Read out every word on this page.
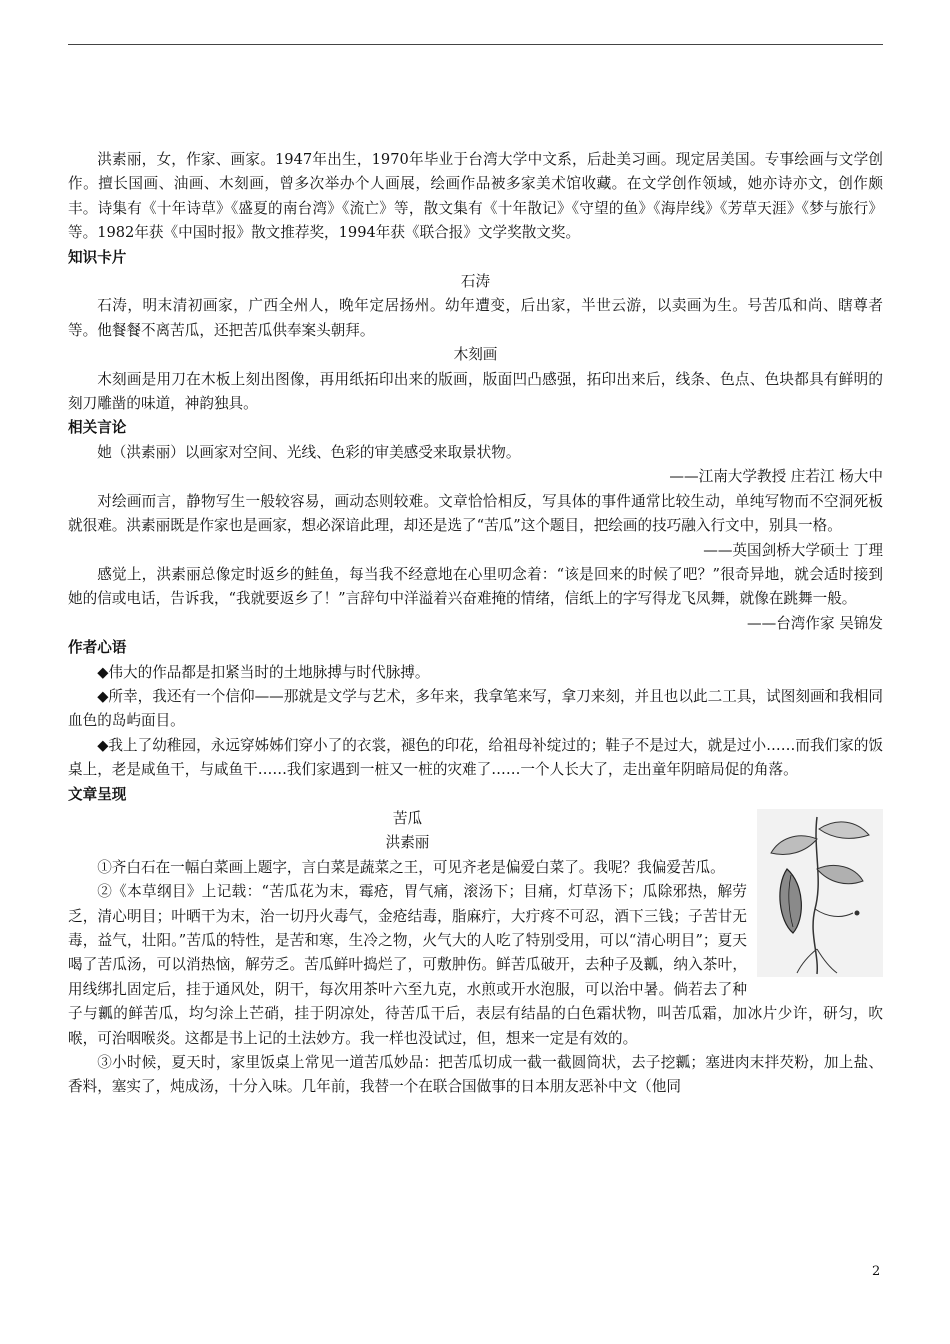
洪素丽，女，作家、画家。1947年出生，1970年毕业于台湾大学中文系，后赴美习画。现定居美国。专事绘画与文学创作。擅长国画、油画、木刻画，曾多次举办个人画展，绘画作品被多家美术馆收藏。在文学创作领域，她亦诗亦文，创作颇丰。诗集有《十年诗草》《盛夏的南台湾》《流亡》等，散文集有《十年散记》《守望的鱼》《海岸线》《芳草天涯》《梦与旅行》等。1982年获《中国时报》散文推荐奖，1994年获《联合报》文学奖散文奖。

知识卡片

石涛

石涛，明末清初画家，广西全州人，晚年定居扬州。幼年遭变，后出家，半世云游，以卖画为生。号苦瓜和尚、瞎尊者等。他餐餐不离苦瓜，还把苦瓜供奉案头朝拜。

木刻画

木刻画是用刀在木板上刻出图像，再用纸拓印出来的版画，版面凹凸感强，拓印出来后，线条、色点、色块都具有鲜明的刻刀雕凿的味道，神韵独具。

相关言论

她（洪素丽）以画家对空间、光线、色彩的审美感受来取景状物。

——江南大学教授 庄若江 杨大中

对绘画而言，静物写生一般较容易，画动态则较难。文章恰恰相反，写具体的事件通常比较生动，单纯写物而不空洞死板就很难。洪素丽既是作家也是画家，想必深谙此理，却还是选了“苦瓜”这个题目，把绘画的技巧融入行文中，别具一格。

——英国剑桥大学硕士 丁理

感觉上，洪素丽总像定时返乡的鲑鱼，每当我不经意地在心里叨念着：“该是回来的时候了吧？”很奇异地，就会适时接到她的信或电话，告诉我，“我就要返乡了！”言辞句中洋溢着兴奋难掩的情绪，信纸上的字写得龙飞凤舞，就像在跳舞一般。

——台湾作家 吴锦发

作者心语

◆伟大的作品都是扣紧当时的土地脉搏与时代脉搏。

◆所幸，我还有一个信仰——那就是文学与艺术，多年来，我拿笔来写，拿刀来刻，并且也以此二工具，试图刻画和我相同血色的岛屿面目。

◆我上了幼稚园，永远穿姊姊们穿小了的衣裳，褪色的印花，给祖母补绽过的；鞋子不是过大，就是过小……而我们家的饭桌上，老是咸鱼干，与咸鱼干……我们家遇到一桩又一桩的灾难了……一个人长大了，走出童年阴暗局促的角落。

文章呈现

苦瓜

洪素丽

①齐白石在一幅白菜画上题字，言白菜是蔬菜之王，可见齐老是偏爱白菜了。我呢？我偏爱苦瓜。

②《本草纲目》上记载：“苦瓜花为末，霉疮，胃气痛，滚汤下；目痛，灯草汤下；瓜除邪热，解劳乏，清心明目；叶晒干为末，治一切丹火毒气，金疮结毒，脂麻疔，大疔疼不可忍，酒下三钱；子苦甘无毒，益气，壮阳。”苦瓜的特性，是苦和寒，生冷之物，火气大的人吃了特别受用，可以“清心明目”；夏天喝了苦瓜汤，可以消热恼，解劳乏。苦瓜鲜叶捣烂了，可敷肿伤。鲜苦瓜破开，去种子及瓤，纳入茶叶，用线绑扎固定后，挂于通风处，阴干，每次用茶叶六至九克，水煎或开水泡服，可以治中暑。倘若去了种子与瓤的鲜苦瓜，均匀涂上芒硝，挂于阴凉处，待苦瓜干后，表层有结晶的白色霜状物，叫苦瓜霜，加冰片少许，研匀，吹喉，可治咽喉炎。这都是书上记的土法妙方。我一样也没试过，但，想来一定是有效的。

③小时候，夏天时，家里饭桌上常见一道苦瓜妙品：把苦瓜切成一截一截圆筒状，去子挖瓤；塞进肉末拌芡粉，加上盐、香料，塞实了，炖成汤，十分入味。几年前，我替一个在联合国做事的日本朋友恶补中文（他同

2
